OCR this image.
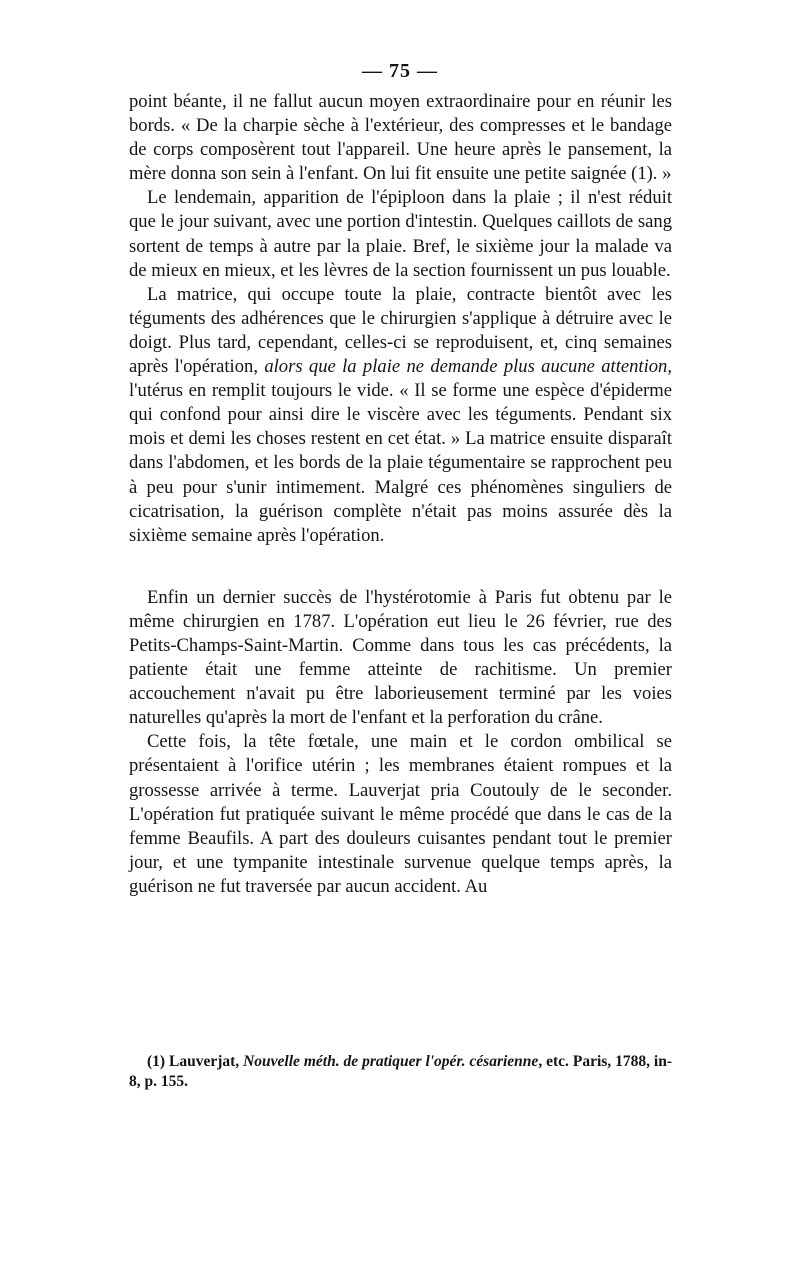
— 75 —

point béante, il ne fallut aucun moyen extraordinaire pour en réunir les bords. « De la charpie sèche à l'extérieur, des compresses et le bandage de corps composèrent tout l'appareil. Une heure après le pansement, la mère donna son sein à l'enfant. On lui fit ensuite une petite saignée (1). »

Le lendemain, apparition de l'épiploon dans la plaie ; il n'est réduit que le jour suivant, avec une portion d'intestin. Quelques caillots de sang sortent de temps à autre par la plaie. Bref, le sixième jour la malade va de mieux en mieux, et les lèvres de la section fournissent un pus louable.

La matrice, qui occupe toute la plaie, contracte bientôt avec les téguments des adhérences que le chirurgien s'applique à détruire avec le doigt. Plus tard, cependant, celles-ci se reproduisent, et, cinq semaines après l'opération, alors que la plaie ne demande plus aucune attention, l'utérus en remplit toujours le vide. « Il se forme une espèce d'épiderme qui confond pour ainsi dire le viscère avec les téguments. Pendant six mois et demi les choses restent en cet état. » La matrice ensuite disparaît dans l'abdomen, et les bords de la plaie tégumentaire se rapprochent peu à peu pour s'unir intimement. Malgré ces phénomènes singuliers de cicatrisation, la guérison complète n'était pas moins assurée dès la sixième semaine après l'opération.

Enfin un dernier succès de l'hystérotomie à Paris fut obtenu par le même chirurgien en 1787. L'opération eut lieu le 26 février, rue des Petits-Champs-Saint-Martin. Comme dans tous les cas précédents, la patiente était une femme atteinte de rachitisme. Un premier accouchement n'avait pu être laborieusement terminé par les voies naturelles qu'après la mort de l'enfant et la perforation du crâne.

Cette fois, la tête fœtale, une main et le cordon ombilical se présentaient à l'orifice utérin ; les membranes étaient rompues et la grossesse arrivée à terme. Lauverjat pria Coutouly de le seconder. L'opération fut pratiquée suivant le même procédé que dans le cas de la femme Beaufils. A part des douleurs cuisantes pendant tout le premier jour, et une tympanite intestinale survenue quelque temps après, la guérison ne fut traversée par aucun accident. Au

(1) Lauverjat, Nouvelle méth. de pratiquer l'opér. césarienne, etc. Paris, 1788, in-8, p. 155.
